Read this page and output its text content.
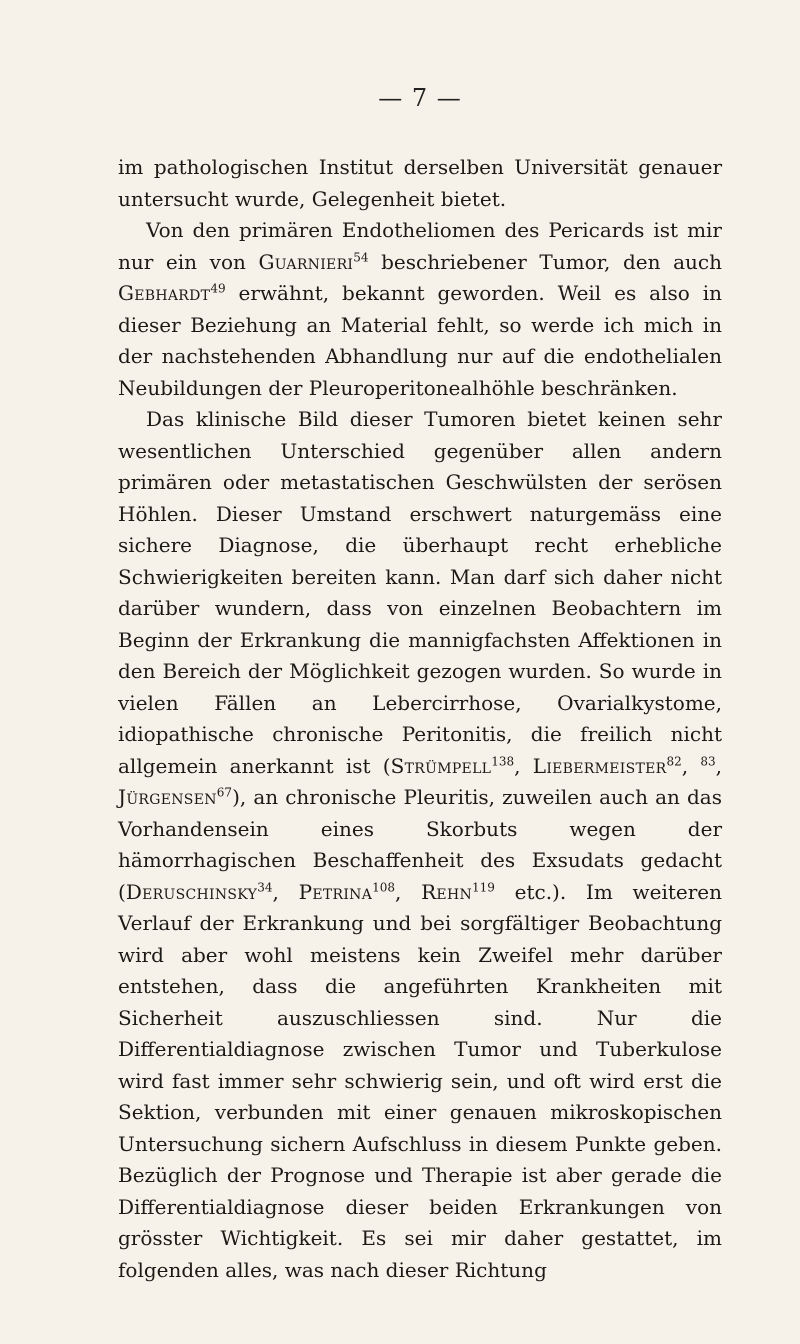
— 7 —

im pathologischen Institut derselben Universität genauer untersucht wurde, Gelegenheit bietet.

Von den primären Endotheliomen des Pericards ist mir nur ein von Guarnieri$^{54}$ beschriebener Tumor, den auch Gebhardt$^{49}$ erwähnt, bekannt geworden. Weil es also in dieser Beziehung an Material fehlt, so werde ich mich in der nachstehenden Abhandlung nur auf die endothelialen Neubildungen der Pleuroperitonealhöhle beschränken.

Das klinische Bild dieser Tumoren bietet keinen sehr wesentlichen Unterschied gegenüber allen andern primären oder metastatischen Geschwülsten der serösen Höhlen. Dieser Umstand erschwert naturgemäss eine sichere Diagnose, die überhaupt recht erhebliche Schwierigkeiten bereiten kann. Man darf sich daher nicht darüber wundern, dass von einzelnen Beobachtern im Beginn der Erkrankung die mannigfachsten Affektionen in den Bereich der Möglichkeit gezogen wurden. So wurde in vielen Fällen an Lebercirrhose, Ovarialkystome, idiopathische chronische Peritonitis, die freilich nicht allgemein anerkannt ist (Strümpell$^{138}$, Liebermeister$^{82}$, $^{83}$, Jürgensen$^{67}$), an chronische Pleuritis, zuweilen auch an das Vorhandensein eines Skorbuts wegen der hämorrhagischen Beschaffenheit des Exsudats gedacht (Deruschinsky$^{34}$, Petrina$^{108}$, Rehn$^{119}$ etc.). Im weiteren Verlauf der Erkrankung und bei sorgfältiger Beobachtung wird aber wohl meistens kein Zweifel mehr darüber entstehen, dass die angeführten Krankheiten mit Sicherheit auszuschliessen sind. Nur die Differentialdiagnose zwischen Tumor und Tuberkulose wird fast immer sehr schwierig sein, und oft wird erst die Sektion, verbunden mit einer genauen mikroskopischen Untersuchung sichern Aufschluss in diesem Punkte geben. Bezüglich der Prognose und Therapie ist aber gerade die Differentialdiagnose dieser beiden Erkrankungen von grösster Wichtigkeit. Es sei mir daher gestattet, im folgenden alles, was nach dieser Richtung
